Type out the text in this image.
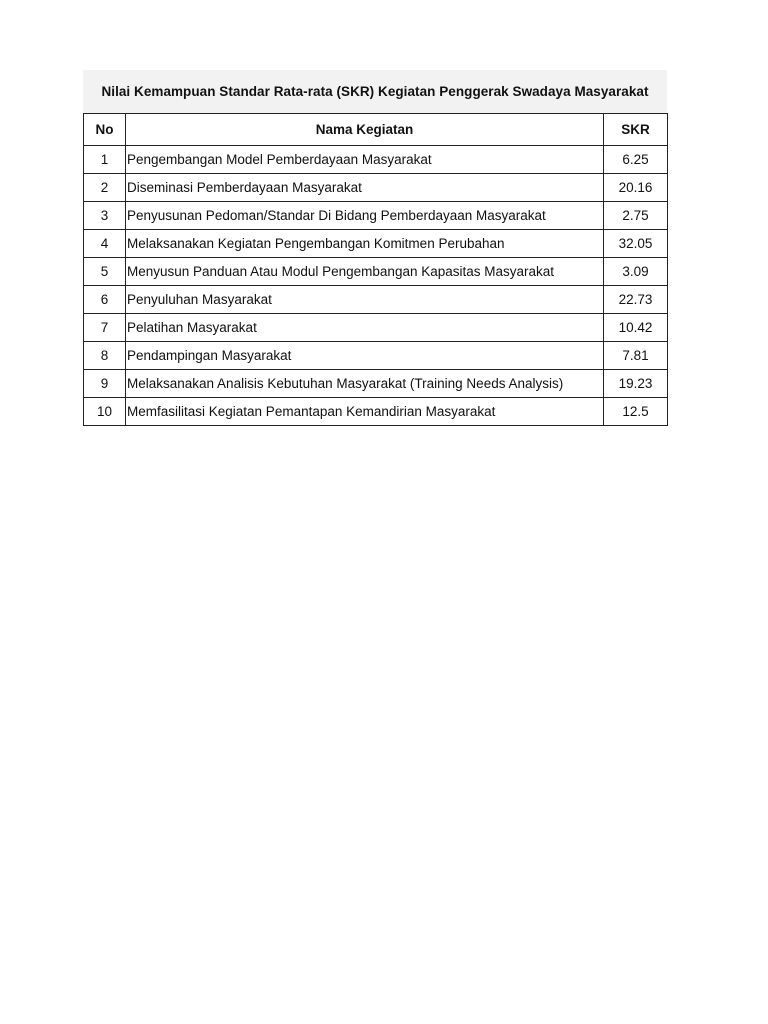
Nilai Kemampuan Standar Rata-rata (SKR) Kegiatan Penggerak Swadaya Masyarakat
No	Nama Kegiatan	SKR
1	Pengembangan Model Pemberdayaan Masyarakat	6.25
2	Diseminasi Pemberdayaan Masyarakat	20.16
3	Penyusunan Pedoman/Standar Di Bidang Pemberdayaan Masyarakat	2.75
4	Melaksanakan Kegiatan Pengembangan Komitmen Perubahan	32.05
5	Menyusun Panduan Atau Modul Pengembangan Kapasitas Masyarakat	3.09
6	Penyuluhan Masyarakat	22.73
7	Pelatihan Masyarakat	10.42
8	Pendampingan Masyarakat	7.81
9	Melaksanakan Analisis Kebutuhan Masyarakat (Training Needs Analysis)	19.23
10	Memfasilitasi Kegiatan Pemantapan Kemandirian Masyarakat	12.5
